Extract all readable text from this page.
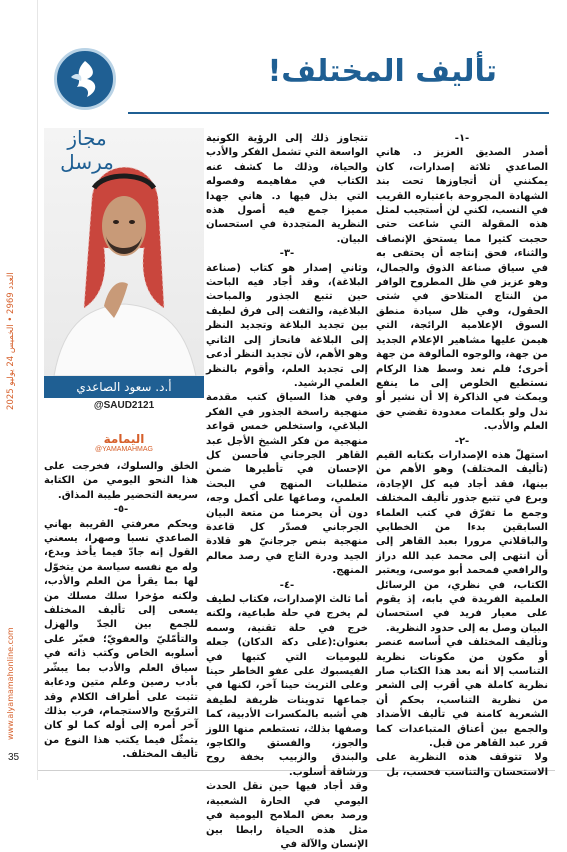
العدد 2969 • الخميس 24 يوليو 2025
www.alyamamahonline.com
35
تأليف المختلف!
مجاز مرسل
أ.د. سعود الصاعدي
@SAUD2121
اليمامة
@YAMAMAHMAG

-١-

أصدر الصديق العزيز د. هاني الصاعدي ثلاثة إصدارات، كان يمكنني أن أتجاوزها تحت بند الشهادة المجروحة باعتباره القريب في النسب، لكني لن أستجيب لمثل هذه المقولة التي شاعت حتى حجبت كثيرا مما يستحق الإنصاف والثناء، فحق إنتاجه أن يحتفى به في سياق صناعة الذوق والجمال، وهو عزيز في ظل المطروح الوافر من النتاج المتلاحق في شتى الحقول، وفي ظل سيادة منطق السوق الإعلامية الرائجة، التي هيمن عليها مشاهير الإعلام الجديد من جهة، والوجوه المألوفة من جهة أخرى؛ فلم نعد وسط هذا الركام نستطيع الخلوص إلى ما ينفع ويمكث في الذاكرة إلا أن نشير أو ندل ولو بكلمات معدودة تقضي حق العلم والأدب.

-٢-

استهلّ هذه الإصدارات بكتابه القيم (تأليف المختلف) وهو الأهم من بينها، فقد أجاد فيه كل الإجادة، وبرع في تتبع جذور تأليف المختلف وجمع ما تفرّق في كتب العلماء السابقين بدءا من الخطابي والباقلاني مرورا بعبد القاهر إلى أن انتهى إلى محمد عبد الله دراز والرافعي فمحمد أبو موسى، ويعتبر الكتاب، في نظري، من الرسائل العلمية الفريدة في بابه، إذ يقوم على معيار فريد في استحسان البيان وصل به إلى حدود النظرية.

وتأليف المختلف في أساسه عنصر أو مكون من مكونات نظرية التناسب إلا أنه بعد هذا الكتاب صار نظرية كاملة هي أقرب إلى الشعر من نظرية التناسب، بحكم أن الشعرية كامنة في تأليف الأضداد والجمع بين أعناق المتباعدات كما قرر عبد القاهر من قبل.

ولا تتوقف هذه النظرية على الاستحسان والتناسب فحسب، بل

تتجاوز ذلك إلى الرؤية الكونية الواسعة التي تشمل الفكر والأدب والحياة، وذلك ما كشف عنه الكتاب في مفاهيمه وفصوله التي بذل فيها د. هاني جهدا مميزا جمع فيه أصول هذه النظرية المتجددة في استحسان البيان.

-٣-

وثاني إصدار هو كتاب (صناعة البلاغة)، وقد أجاد فيه الباحث حين تتبع الجذور والمباحث البلاغية، والتفت إلى فرق لطيف بين تجديد البلاغة وتجديد النظر إلى البلاغة فانحاز إلى الثاني وهو الأهم، لأن تجديد النظر أدعى إلى تجديد العلم، وأقوم بالنظر العلمي الرشيد.

وفي هذا السياق كتب مقدمة منهجية راسخة الجذور في الفكر البلاغي، واستخلص خمس قواعد منهجية من فكر الشيخ الأجل عبد القاهر الجرجاني فأحسن كل الإحسان في تأطيرها ضمن متطلبات المنهج في البحث العلمي، وصاغها على أكمل وجه، دون أن يحرمنا من متعة البيان الجرجاني فصدّر كل قاعدة منهجية بنص جرجانيّ هو قلادة الجيد ودرة التاج في رصد معالم المنهج.

-٤-

أما ثالث الإصدارات، فكتاب لطيف لم يخرج في حلة طباعية، ولكنه خرج في حلة تقنية، وسمه بعنوان:(على دكة الدكان) جعله لليوميات التي كتبها في الفيسبوك على عفو الخاطر حينا وعلى التريث حينا آخر، لكنها في جماعها تدوينات ظريفة لطيفة هي أشبه بالمكسرات الأدبية، كما وصفها بذلك، تستطعم منها اللوز والجوز، والفستق والكاجو، والبندق والزبيب بخفة روح ورشاقة أسلوب.

وقد أجاد فيها حين نقل الحدث اليومي في الحارة الشعبية، ورصد بعض الملامح اليومية في مثل هذه الحياة رابطا بين الإنسان والآلة في

الخلق والسلوك، فخرجت على هذا النحو اليومي من الكتابة سريعة التحضير طيبة المذاق.

-٥-

وبحكم معرفتي القريبة بهاني الصاعدي نسبا وصهرا، يسعني القول إنه جادّ فيما يأخذ ويدع، وله مع نفسه سياسة من يتخوّل لها بما يقرأ من العلم والأدب، ولكنه مؤخرا سلك مسلك من يسعى إلى تأليف المختلف للجمع بين الجدّ والهزل والتأمّليّ والعفويّ؛ فعبّر على أسلوبه الخاص وكتب ذاته في سياق العلم والأدب بما يبشّر بأدب رصين وعلم متين ودعابة تثبت على أطراف الكلام وقد التروّيح والاستجمام، فرب بذلك آخر أمره إلى أوله كما لو كان يتمثّل فيما يكتب هذا النوع من تأليف المختلف.
